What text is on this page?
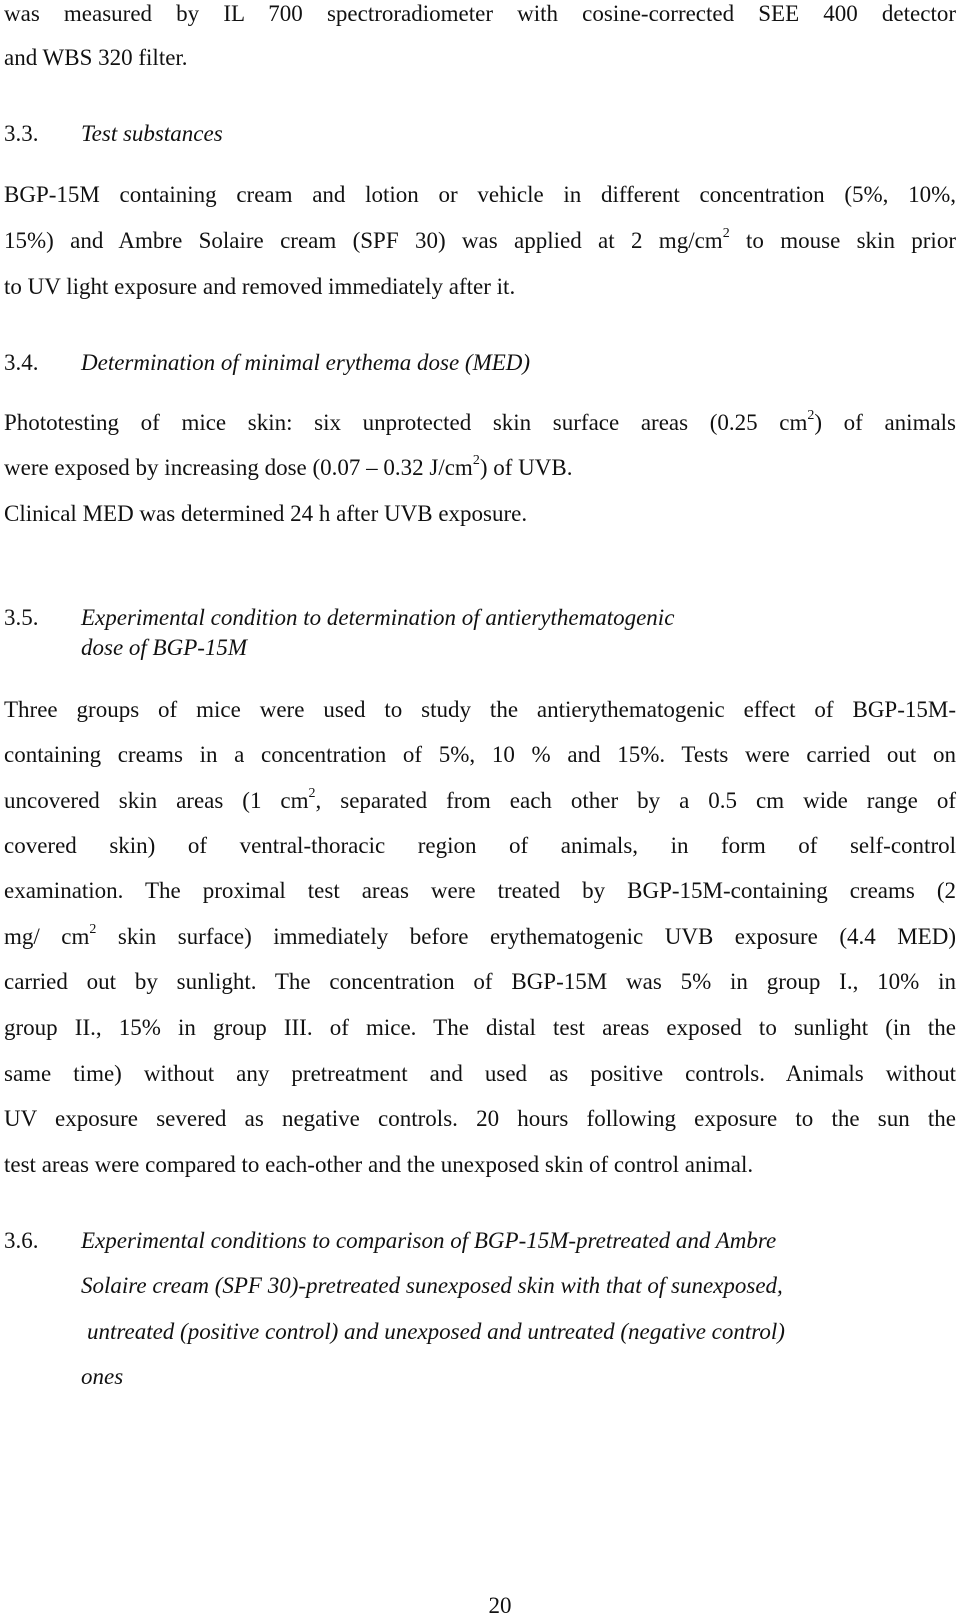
was measured by IL 700 spectroradiometer with cosine-corrected SEE 400 detector
and WBS 320 filter.
3.3. Test substances
BGP-15M containing cream and lotion or vehicle in different concentration (5%, 10%,
15%) and Ambre Solaire cream (SPF 30) was applied at 2 $mg/cm^2$ to mouse skin prior
to UV light exposure and removed immediately after it.
3.4. Determination of minimal erythema dose (MED)
Phototesting of mice skin: six unprotected skin surface areas (0.25 $cm^2$) of animals
were exposed by increasing dose (0.07 – 0.32 $J/cm^2$) of UVB.
Clinical MED was determined 24 h after UVB exposure.
3.5. Experimental condition to determination of antierythematogenic
dose of BGP-15M
Three groups of mice were used to study the antierythematogenic effect of BGP-15M-
containing creams in a concentration of 5%, 10 % and 15%. Tests were carried out on
uncovered skin areas (1 $cm^2$, separated from each other by a 0.5 cm wide range of
covered skin) of ventral-thoracic region of animals, in form of self-control
examination. The proximal test areas were treated by BGP-15M-containing creams (2
mg/ $cm^2$ skin surface) immediately before erythematogenic UVB exposure (4.4 MED)
carried out by sunlight. The concentration of BGP-15M was 5% in group I., 10% in
group II., 15% in group III. of mice. The distal test areas exposed to sunlight (in the
same time) without any pretreatment and used as positive controls. Animals without
UV exposure severed as negative controls. 20 hours following exposure to the sun the
test areas were compared to each-other and the unexposed skin of control animal.
3.6. Experimental conditions to comparison of BGP-15M-pretreated and Ambre
Solaire cream (SPF 30)-pretreated sunexposed skin with that of sunexposed,
untreated (positive control) and unexposed and untreated (negative control)
ones
20
